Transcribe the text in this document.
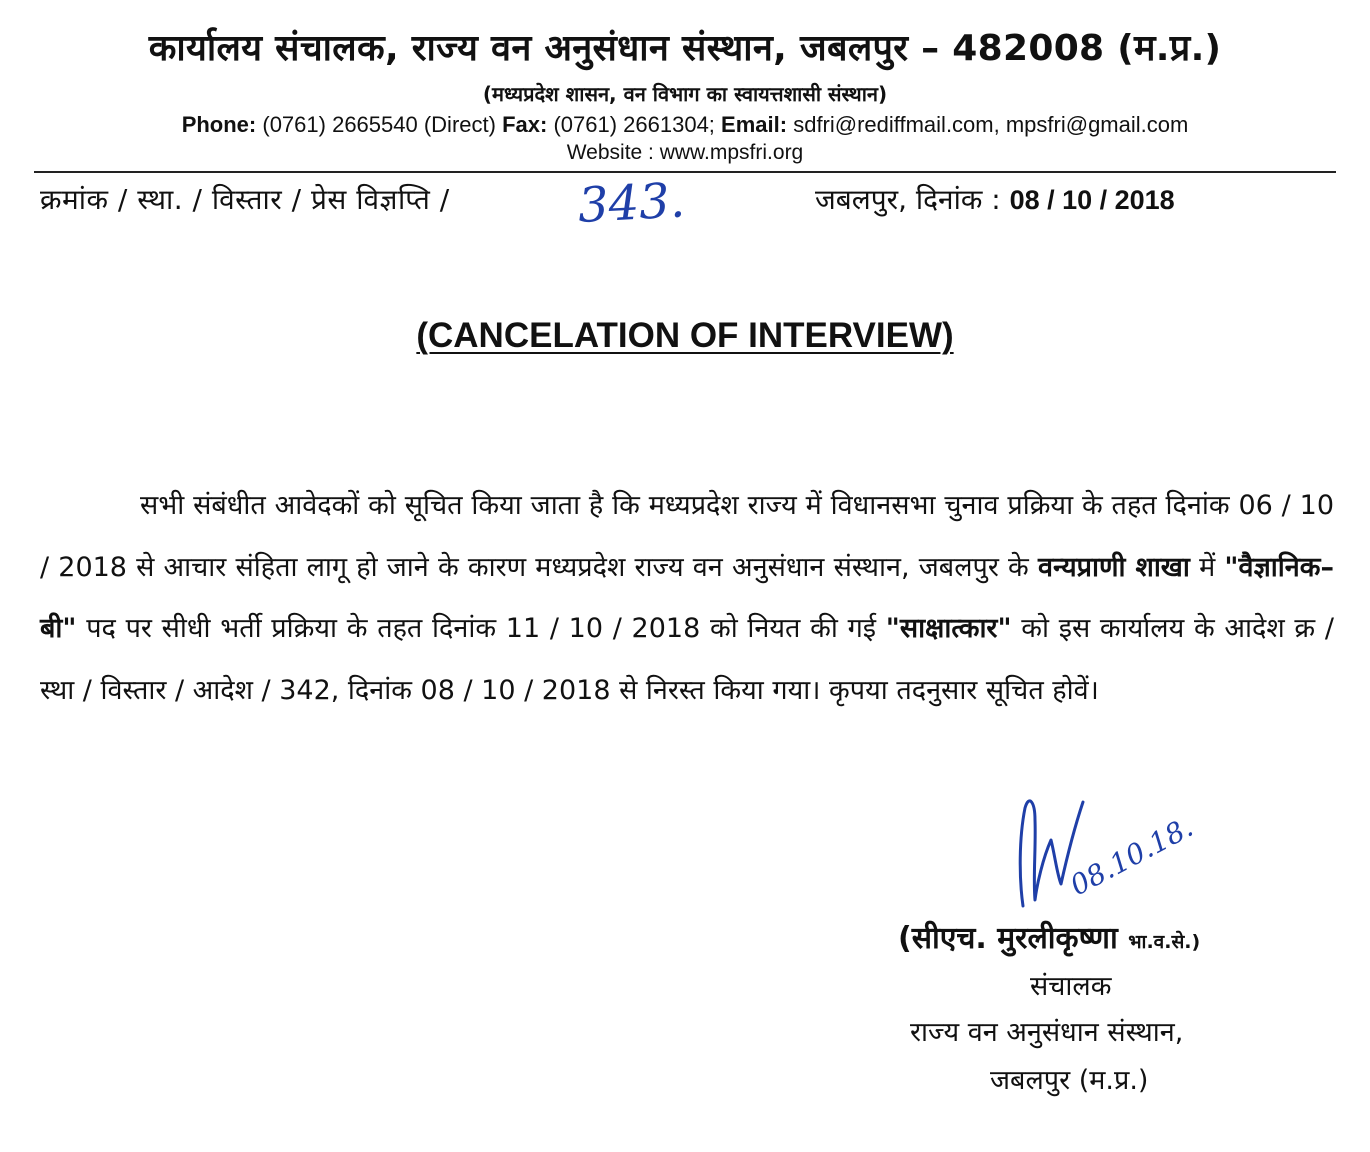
कार्यालय संचालक, राज्य वन अनुसंधान संस्थान, जबलपुर – 482008 (म.प्र.)
(मध्यप्रदेश शासन, वन विभाग का स्वायत्तशासी संस्थान)
Phone: (0761) 2665540 (Direct) Fax: (0761) 2661304; Email: sdfri@rediffmail.com, mpsfri@gmail.com
Website : www.mpsfri.org
क्रमांक / स्था. / विस्तार / प्रेस विज्ञप्ति /	343.	जबलपुर, दिनांक : 08 / 10 / 2018
(CANCELATION OF INTERVIEW)

सभी संबंधीत आवेदकों को सूचित किया जाता है कि मध्यप्रदेश राज्य में विधानसभा चुनाव प्रक्रिया के तहत दिनांक 06 / 10 / 2018 से आचार संहिता लागू हो जाने के कारण मध्यप्रदेश राज्य वन अनुसंधान संस्थान, जबलपुर के वन्यप्राणी शाखा में "वैज्ञानिक–बी" पद पर सीधी भर्ती प्रक्रिया के तहत दिनांक 11 / 10 / 2018 को नियत की गई "साक्षात्कार" को इस कार्यालय के आदेश क्र / स्था / विस्तार / आदेश / 342, दिनांक 08 / 10 / 2018 से निरस्त किया गया। कृपया तदनुसार सूचित होवें।

08.10.18.
(सीएच. मुरलीकृष्णा भा.व.से.)
संचालक
राज्य वन अनुसंधान संस्थान,
जबलपुर (म.प्र.)
